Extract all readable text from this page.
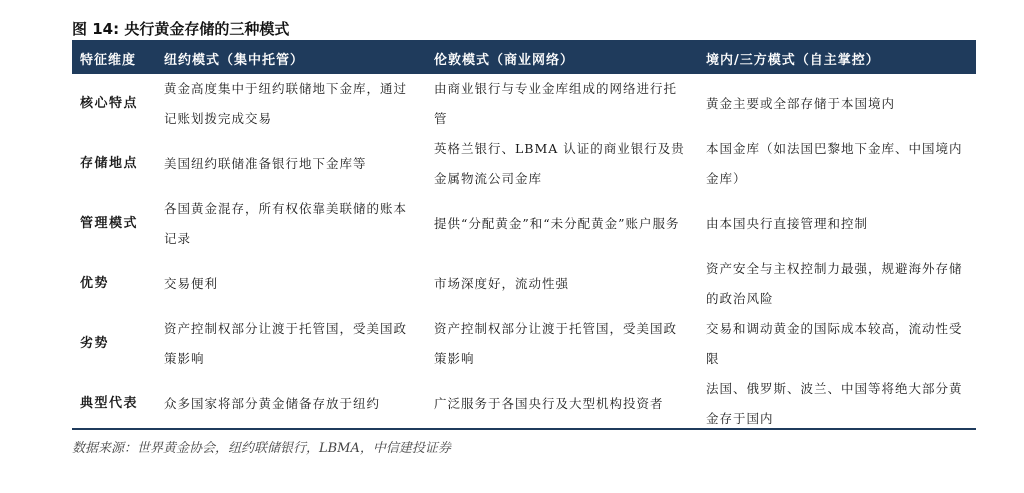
图 14: 央行黄金存储的三种模式
特征维度	纽约模式（集中托管）	伦敦模式（商业网络）	境内/三方模式（自主掌控）
核心特点	黄金高度集中于纽约联储地下金库，通过记账划拨完成交易	由商业银行与专业金库组成的网络进行托管	黄金主要或全部存储于本国境内
存储地点	美国纽约联储准备银行地下金库等	英格兰银行、LBMA 认证的商业银行及贵金属物流公司金库	本国金库（如法国巴黎地下金库、中国境内金库）
管理模式	各国黄金混存，所有权依靠美联储的账本记录	提供“分配黄金”和“未分配黄金”账户服务	由本国央行直接管理和控制
优势	交易便利	市场深度好，流动性强	资产安全与主权控制力最强，规避海外存储的政治风险
劣势	资产控制权部分让渡于托管国，受美国政策影响	资产控制权部分让渡于托管国，受美国政策影响	交易和调动黄金的国际成本较高，流动性受限
典型代表	众多国家将部分黄金储备存放于纽约	广泛服务于各国央行及大型机构投资者	法国、俄罗斯、波兰、中国等将绝大部分黄金存于国内
数据来源：世界黄金协会，纽约联储银行，LBMA，中信建投证券
